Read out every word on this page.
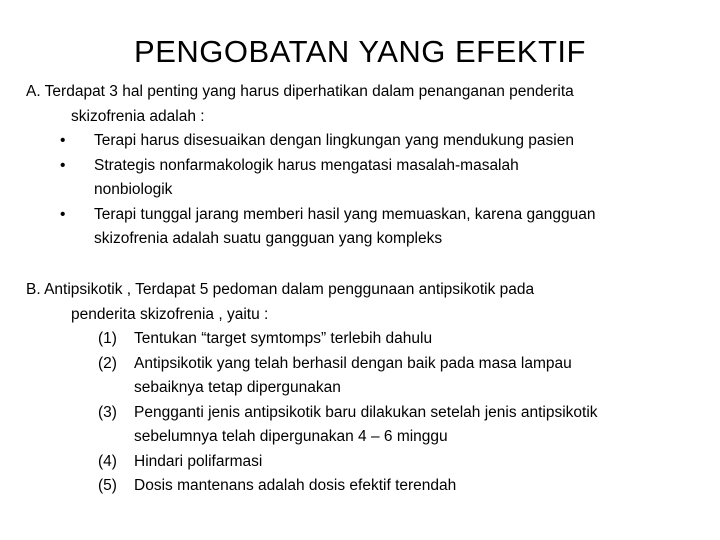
PENGOBATAN YANG EFEKTIF
A. Terdapat 3 hal penting yang harus diperhatikan dalam penanganan penderita
skizofrenia adalah :
•	Terapi harus disesuaikan dengan lingkungan yang mendukung pasien
•	Strategis nonfarmakologik harus mengatasi masalah-masalah
nonbiologik
•	Terapi tunggal jarang memberi hasil yang memuaskan, karena gangguan
skizofrenia adalah suatu gangguan yang kompleks
B. Antipsikotik , Terdapat 5 pedoman dalam penggunaan antipsikotik pada
penderita skizofrenia , yaitu :
(1)	Tentukan “target symtomps” terlebih dahulu
(2)	Antipsikotik yang telah berhasil dengan baik pada masa lampau
sebaiknya tetap dipergunakan
(3)	Pengganti jenis antipsikotik baru dilakukan setelah jenis antipsikotik
sebelumnya telah dipergunakan 4 – 6 minggu
(4)	Hindari polifarmasi
(5)	Dosis mantenans adalah dosis efektif terendah
